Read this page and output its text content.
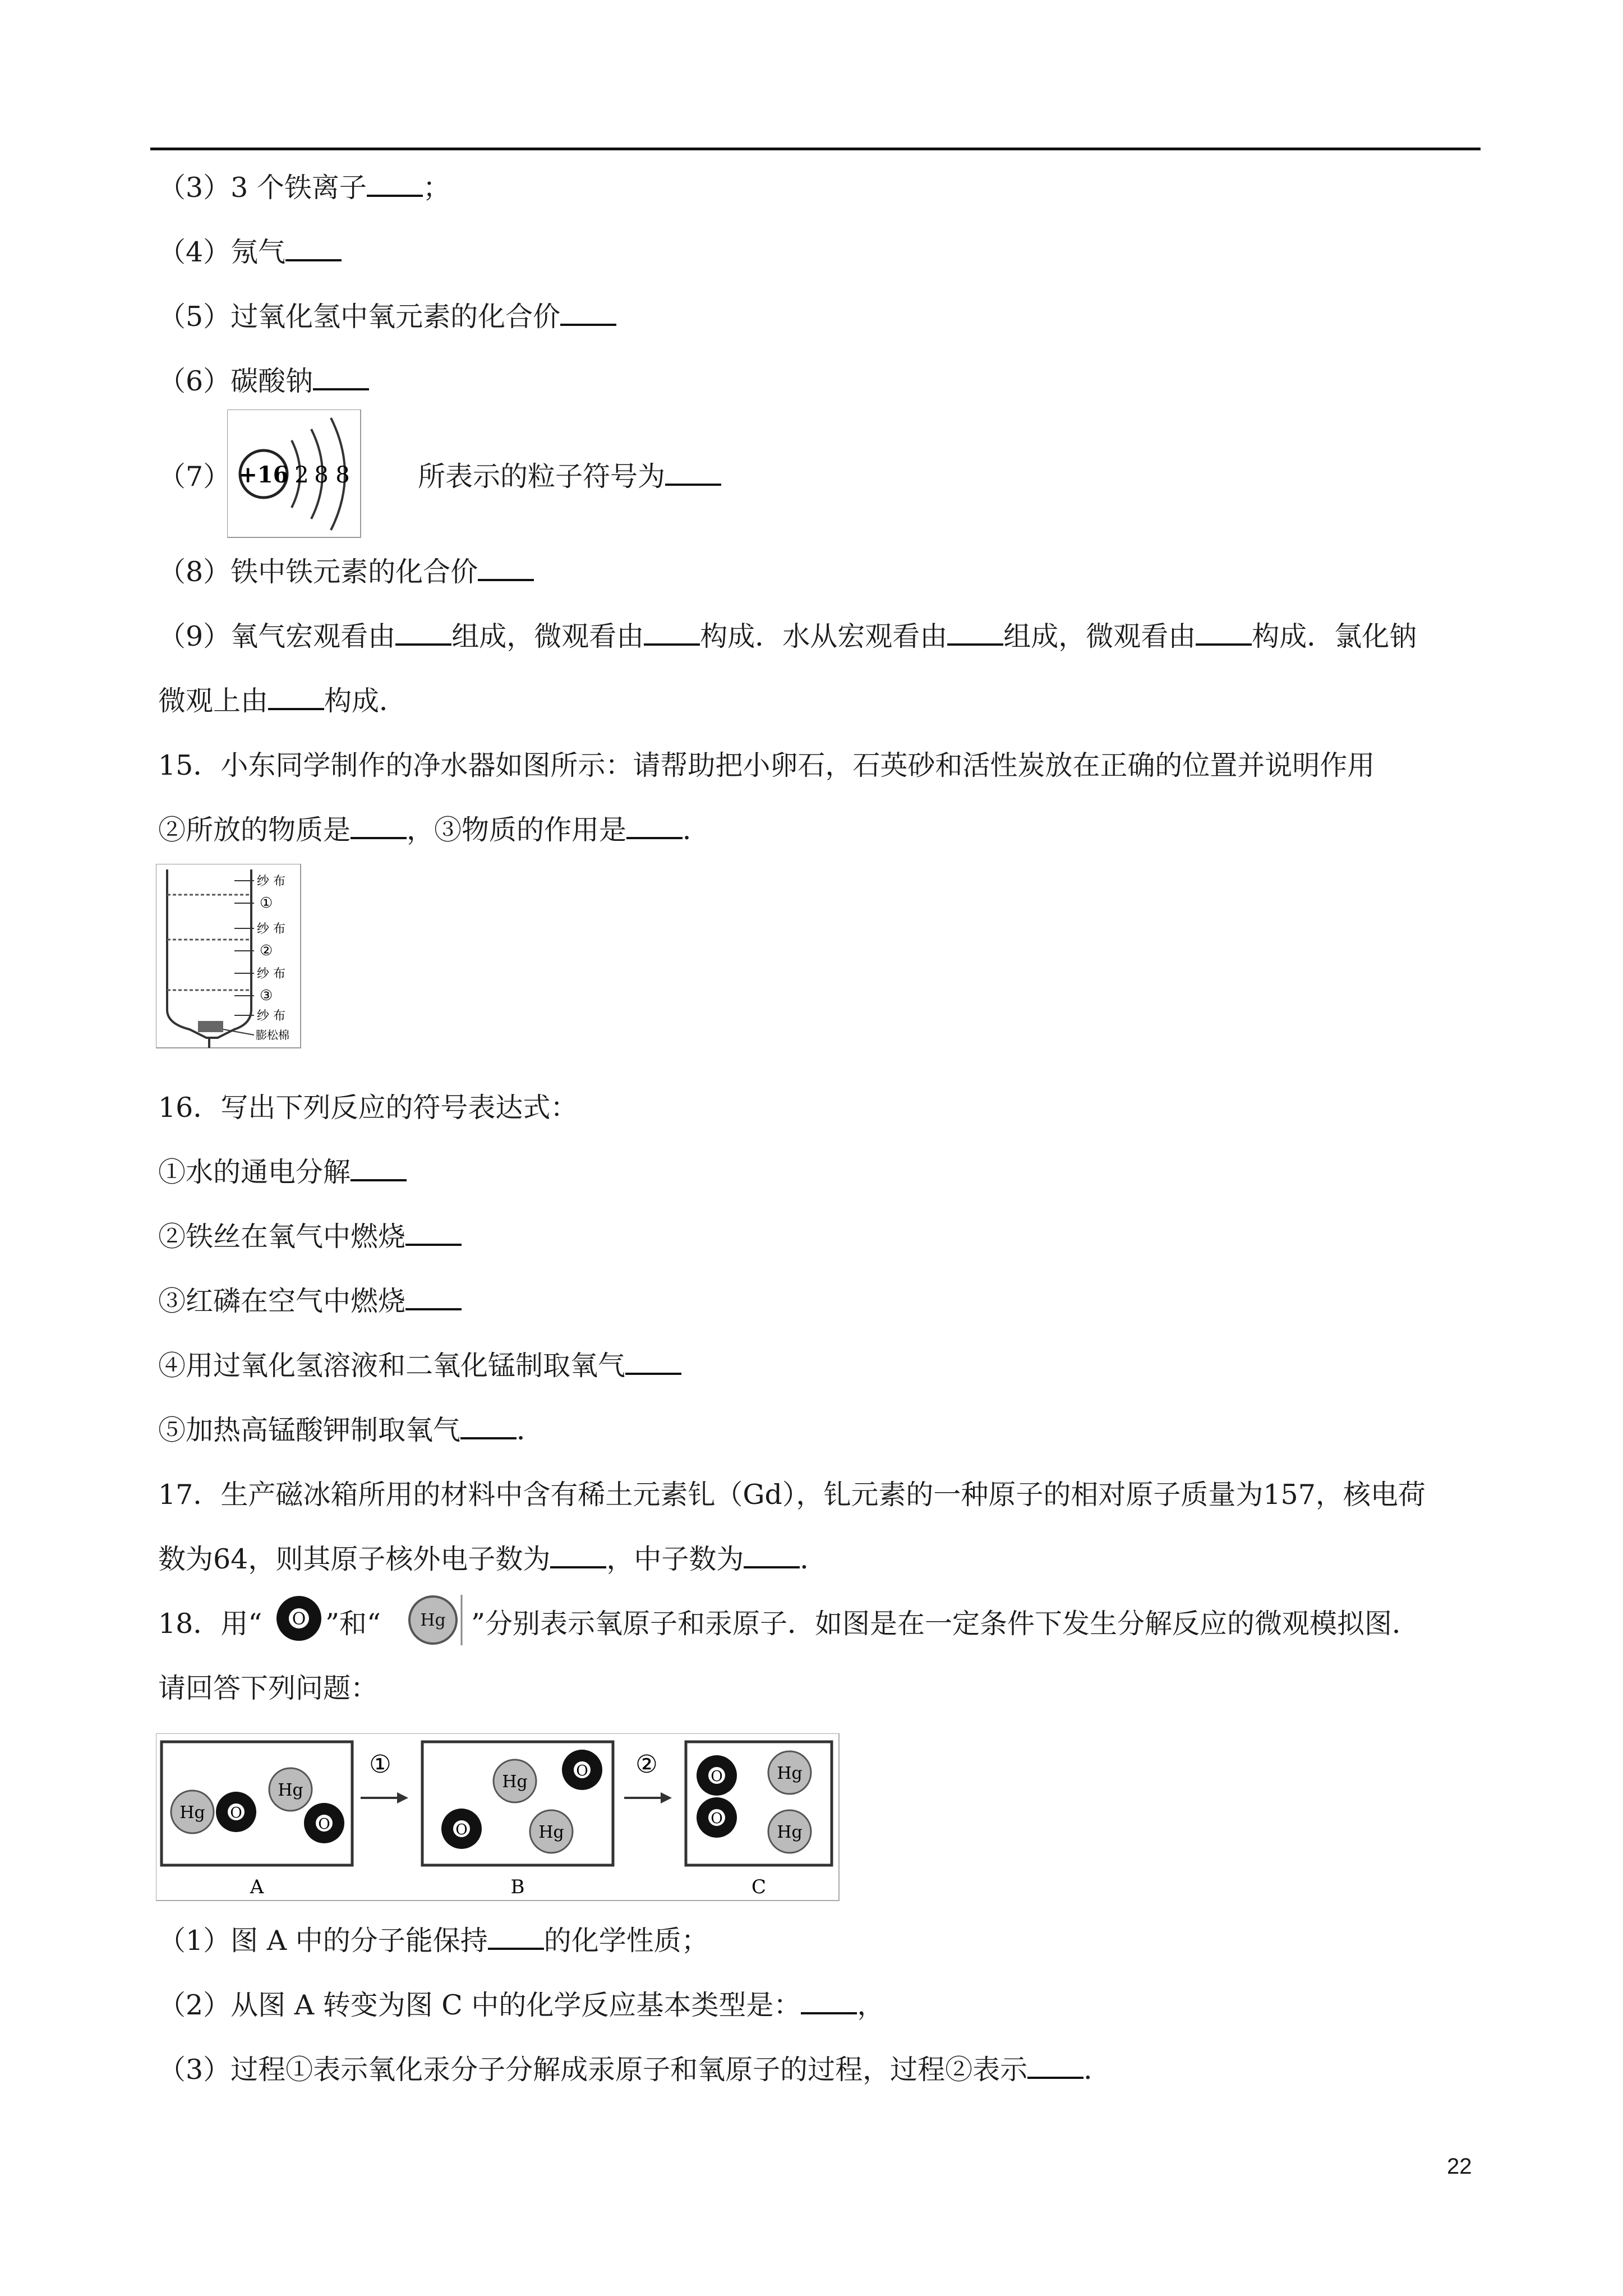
（3）3 个铁离子 ；
（4）氖气
（5）过氧化氢中氧元素的化合价
（6）碳酸钠
（7） +16 2 8 8 所表示的粒子符号为
（8）铁中铁元素的化合价
（9）氧气宏观看由 组成，微观看由 构成．水从宏观看由 组成，微观看由 构成．氯化钠
微观上由 构成．
15．小东同学制作的净水器如图所示：请帮助把小卵石，石英砂和活性炭放在正确的位置并说明作用
②所放的物质是 ，③物质的作用是 ．
纱 布
①
纱 布
②
纱 布
③
纱 布
膨松棉
16．写出下列反应的符号表达式：
①水的通电分解
②铁丝在氧气中燃烧
③红磷在空气中燃烧
④用过氧化氢溶液和二氧化锰制取氧气
⑤加热高锰酸钾制取氧气 ．
17．生产磁冰箱所用的材料中含有稀土元素钆（Gd），钆元素的一种原子的相对原子质量为157，核电荷
数为64，则其原子核外电子数为 ，中子数为 ．
18．用“ O ”和“ Hg ”分别表示氧原子和汞原子．如图是在一定条件下发生分解反应的微观模拟图．
请回答下列问题：
Hg O
Hg
O
①
Hg
O
O	Hg
②	O
O
Hg
Hg
A	B	C
（1）图 A 中的分子能保持 的化学性质；
（2）从图 A 转变为图 C 中的化学反应基本类型是： ，
（3）过程①表示氧化汞分子分解成汞原子和氧原子的过程，过程②表示 ．
22
